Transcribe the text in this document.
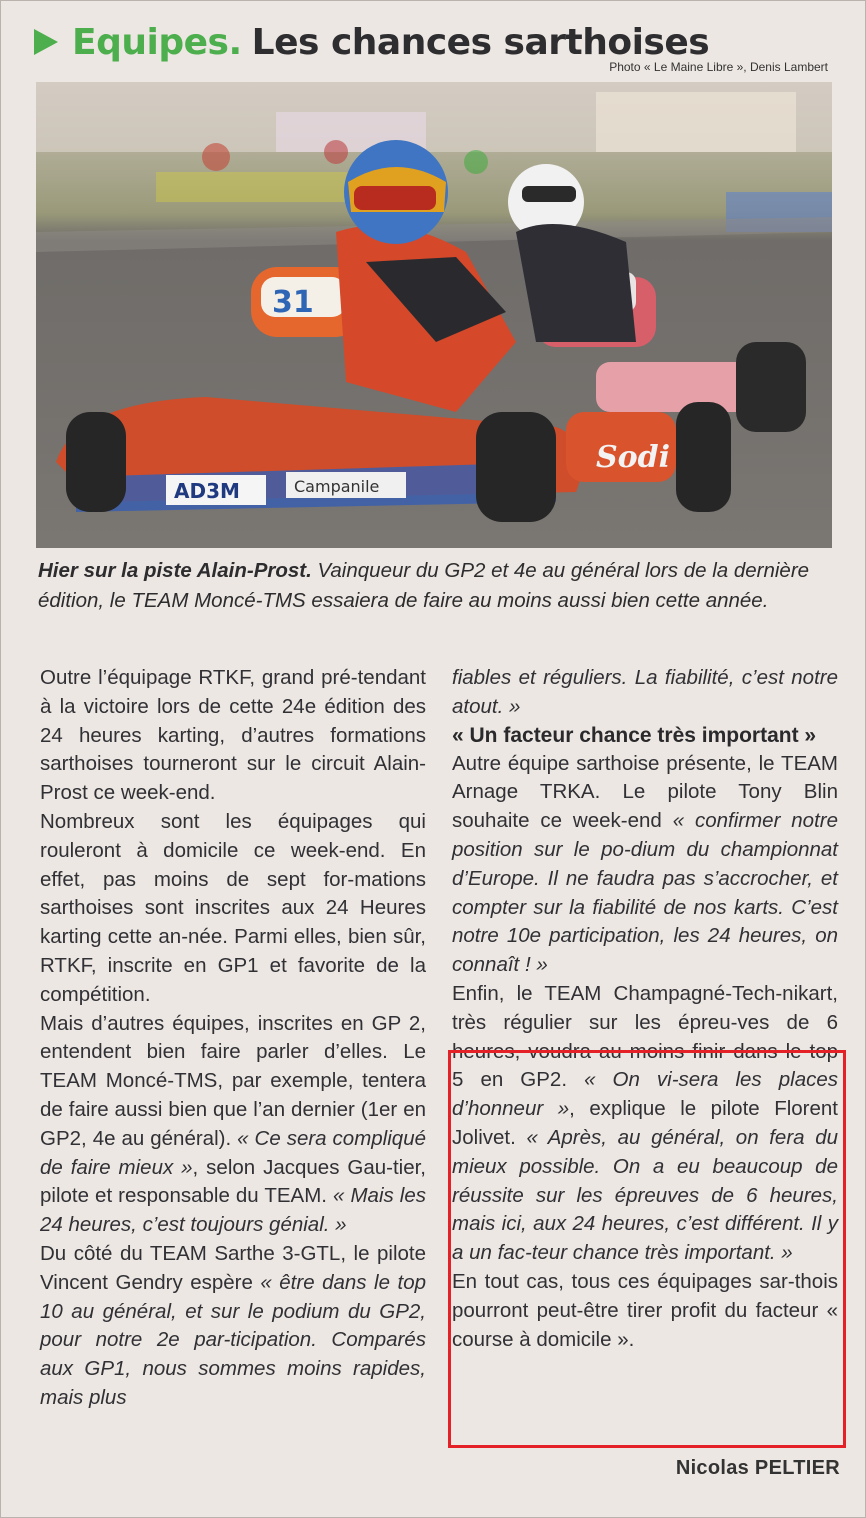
Equipes. Les chances sarthoises
Photo « Le Maine Libre », Denis Lambert
31
AD3M	Campanile
Sodi
Hier sur la piste Alain-Prost. Vainqueur du GP2 et 4e au général lors de la dernière édition, le TEAM Moncé-TMS essaiera de faire au moins aussi bien cette année.

Outre l’équipage RTKF, grand pré-tendant à la victoire lors de cette 24e édition des 24 heures karting, d’autres formations sarthoises tourneront sur le circuit Alain-Prost ce week-end.

Nombreux sont les équipages qui rouleront à domicile ce week-end. En effet, pas moins de sept for-mations sarthoises sont inscrites aux 24 Heures karting cette an-née. Parmi elles, bien sûr, RTKF, inscrite en GP1 et favorite de la compétition.

Mais d’autres équipes, inscrites en GP 2, entendent bien faire parler d’elles. Le TEAM Moncé-TMS, par exemple, tentera de faire aussi bien que l’an dernier (1er en GP2, 4e au général). « Ce sera compliqué de faire mieux », selon Jacques Gau-tier, pilote et responsable du TEAM. « Mais les 24 heures, c’est toujours génial. »

Du côté du TEAM Sarthe 3-GTL, le pilote Vincent Gendry espère « être dans le top 10 au général, et sur le podium du GP2, pour notre 2e par-ticipation. Comparés aux GP1, nous sommes moins rapides, mais plus

fiables et réguliers. La fiabilité, c’est notre atout. »

« Un facteur chance très important »

Autre équipe sarthoise présente, le TEAM Arnage TRKA. Le pilote Tony Blin souhaite ce week-end « confirmer notre position sur le po-dium du championnat d’Europe. Il ne faudra pas s’accrocher, et compter sur la fiabilité de nos karts. C’est notre 10e participation, les 24 heures, on connaît ! »

Enfin, le TEAM Champagné-Tech-nikart, très régulier sur les épreu-ves de 6 heures, voudra au moins finir dans le top 5 en GP2. « On vi-sera les places d’honneur », explique le pilote Florent Jolivet. « Après, au général, on fera du mieux possible. On a eu beaucoup de réussite sur les épreuves de 6 heures, mais ici, aux 24 heures, c’est différent. Il y a un fac-teur chance très important. »

En tout cas, tous ces équipages sar-thois pourront peut-être tirer profit du facteur « course à domicile ».

Nicolas PELTIER
